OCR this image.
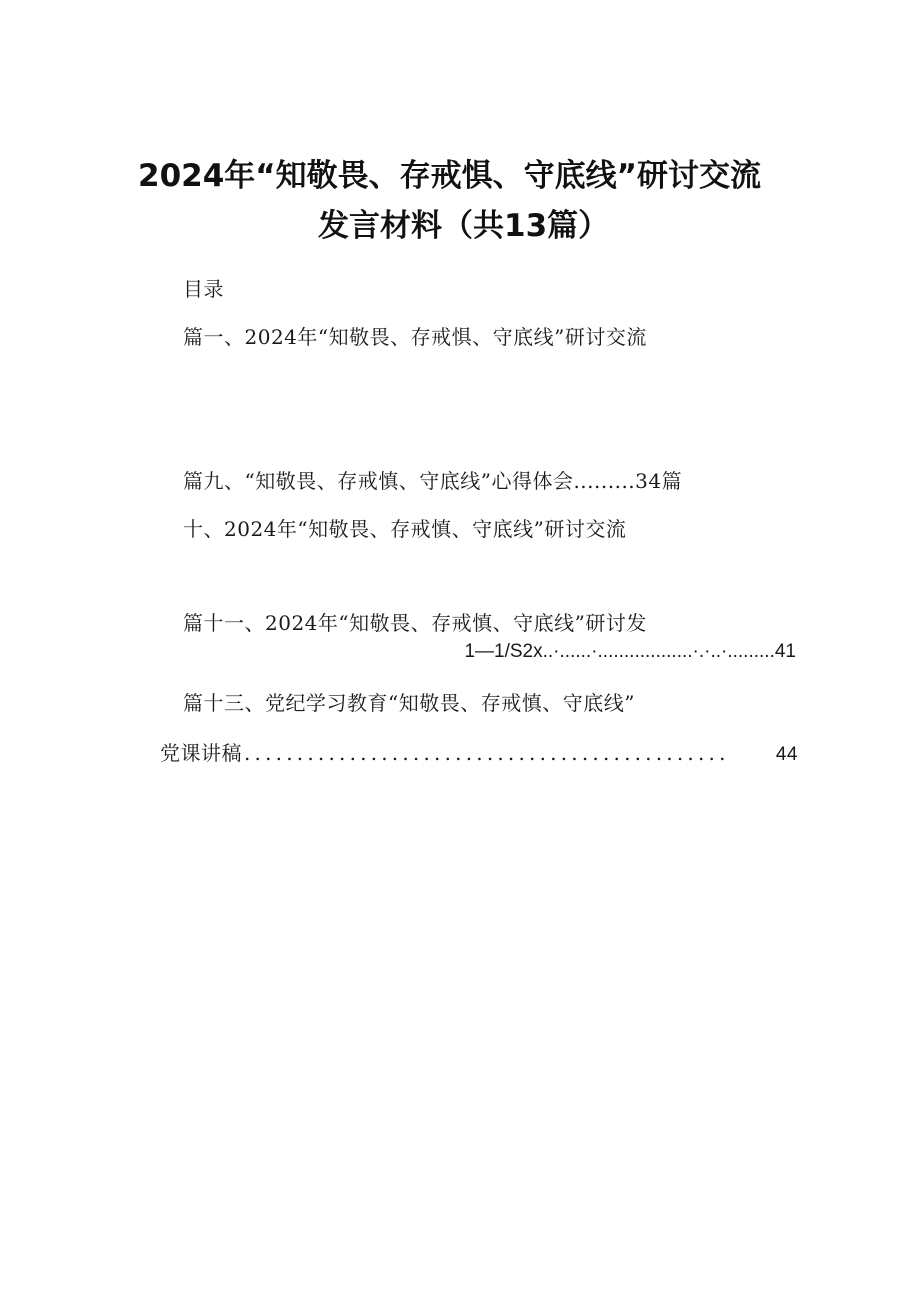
2024年“知敬畏、存戒惧、守底线”研讨交流
发言材料（共13篇）
目录
篇一、2024年“知敬畏、存戒惧、守底线”研讨交流
篇九、“知敬畏、存戒慎、守底线”心得体会.........34篇
十、2024年“知敬畏、存戒慎、守底线”研讨交流
篇十一、2024年“知敬畏、存戒慎、守底线”研讨发
1—1/S2x..·......·..................·.·..·.........41
篇十三、党纪学习教育“知敬畏、存戒慎、守底线”
党课讲稿 ..............................................	44
